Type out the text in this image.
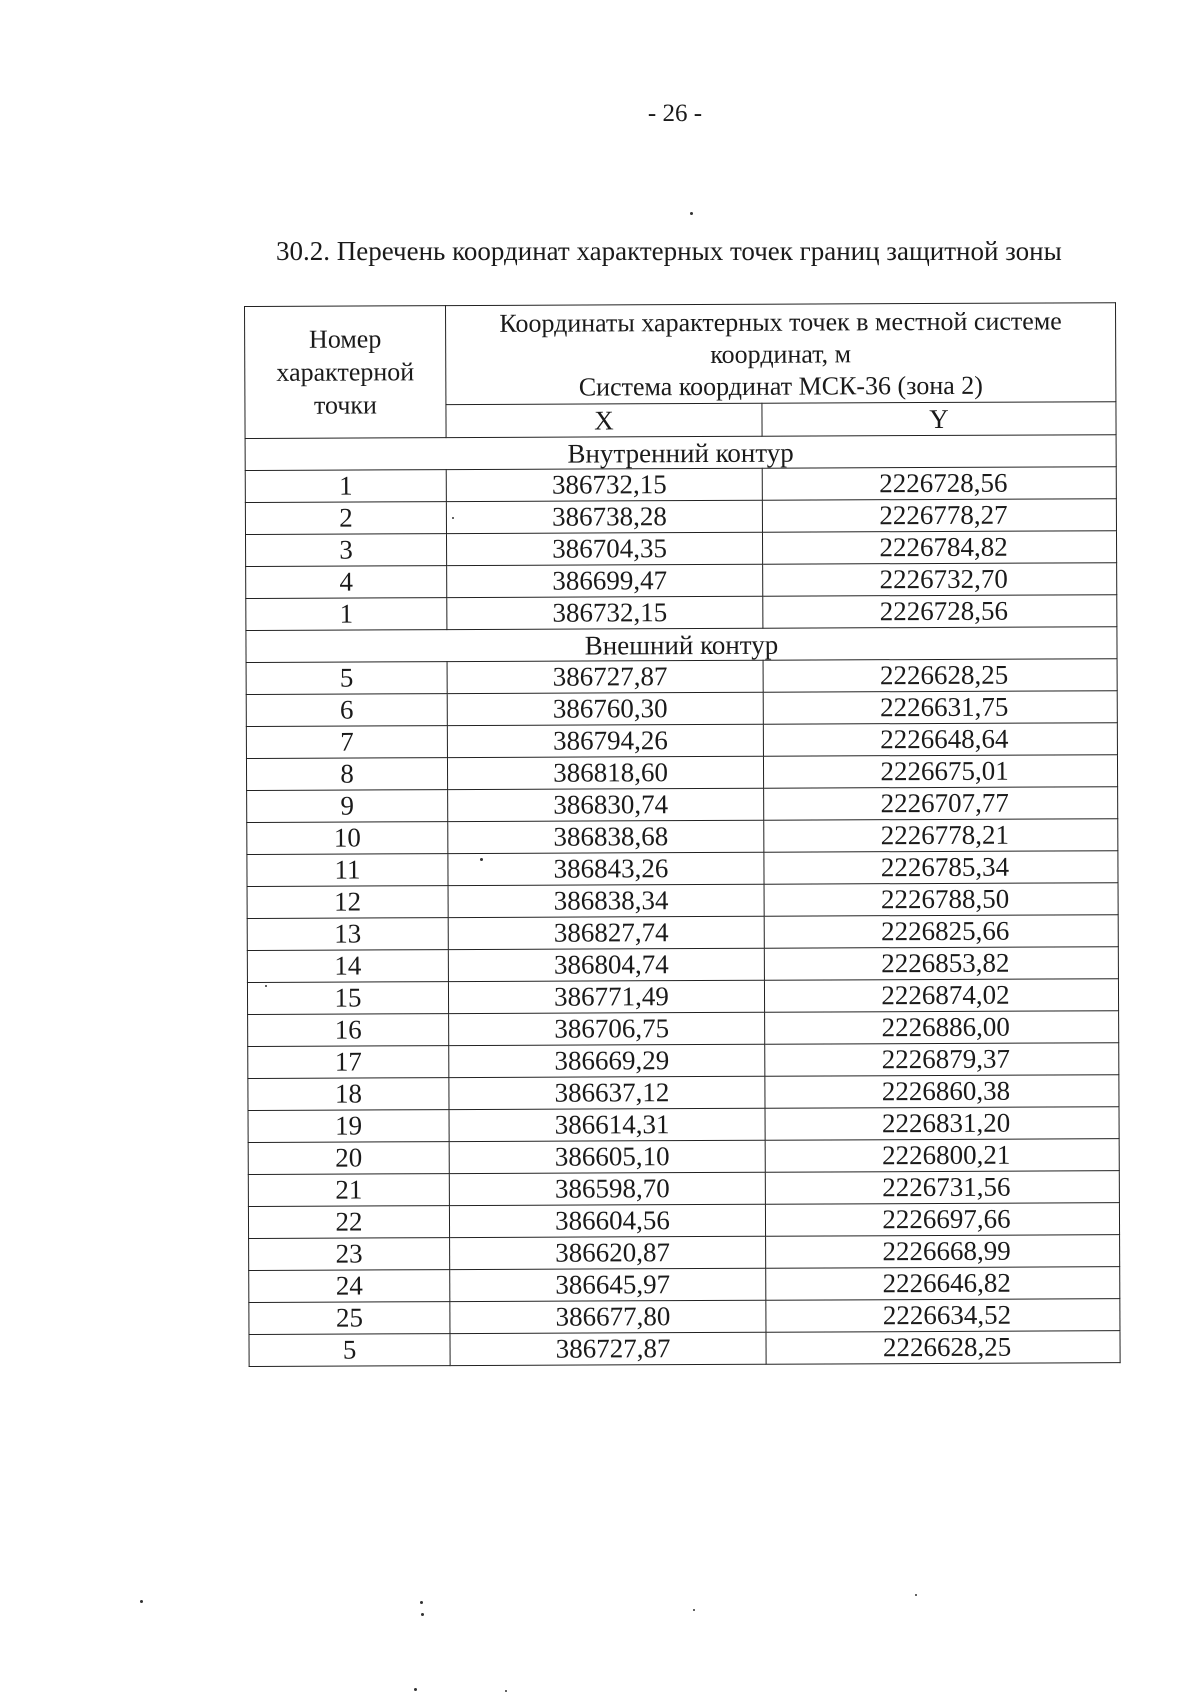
- 26 -
30.2. Перечень координат характерных точек границ защитной зоны
Номер характерной точки	Координаты характерных точек в местной системе координат, м
Система координат МСК-36 (зона 2)	

	X	Y
Внутренний контур		
1	386732,15	2226728,56
2	386738,28	2226778,27
3	386704,35	2226784,82
4	386699,47	2226732,70
1	386732,15	2226728,56
Внешний контур		
5	386727,87	2226628,25
6	386760,30	2226631,75
7	386794,26	2226648,64
8	386818,60	2226675,01
9	386830,74	2226707,77
10	386838,68	2226778,21
11	386843,26	2226785,34
12	386838,34	2226788,50
13	386827,74	2226825,66
14	386804,74	2226853,82
15	386771,49	2226874,02
16	386706,75	2226886,00
17	386669,29	2226879,37
18	386637,12	2226860,38
19	386614,31	2226831,20
20	386605,10	2226800,21
21	386598,70	2226731,56
22	386604,56	2226697,66
23	386620,87	2226668,99
24	386645,97	2226646,82
25	386677,80	2226634,52
5	386727,87	2226628,25
